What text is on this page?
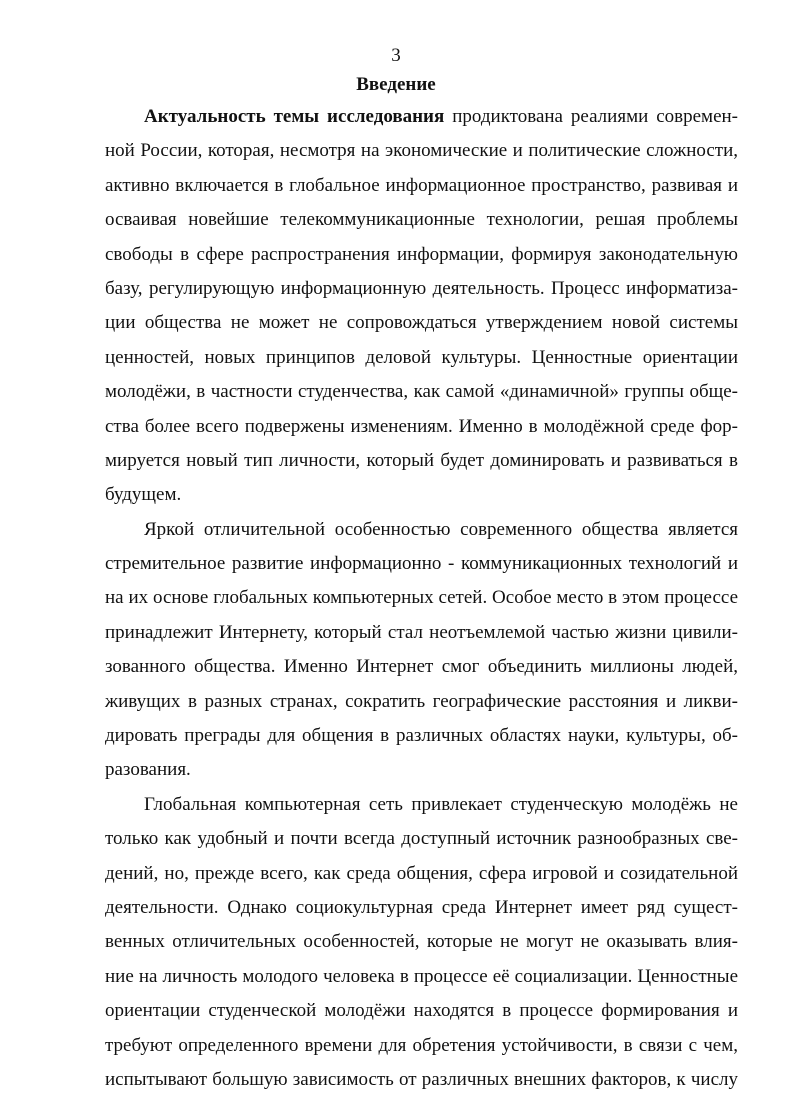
3
Введение
Актуальность темы исследования продиктована реалиями современ-
ной России, которая, несмотря на экономические и политические сложности,
активно включается в глобальное информационное пространство, развивая и
осваивая новейшие телекоммуникационные технологии, решая проблемы
свободы в сфере распространения информации, формируя законодательную
базу, регулирующую информационную деятельность. Процесс информатиза-
ции общества не может не сопровождаться утверждением новой системы
ценностей, новых принципов деловой культуры. Ценностные ориентации
молодёжи, в частности студенчества, как самой «динамичной» группы обще-
ства более всего подвержены изменениям. Именно в молодёжной среде фор-
мируется новый тип личности, который будет доминировать и развиваться в
будущем.
Яркой отличительной особенностью современного общества является
стремительное развитие информационно - коммуникационных технологий и
на их основе глобальных компьютерных сетей. Особое место в этом процессе
принадлежит Интернету, который стал неотъемлемой частью жизни цивили-
зованного общества. Именно Интернет смог объединить миллионы людей,
живущих в разных странах, сократить географические расстояния и ликви-
дировать преграды для общения в различных областях науки, культуры, об-
разования.
Глобальная компьютерная сеть привлекает студенческую молодёжь не
только как удобный и почти всегда доступный источник разнообразных све-
дений, но, прежде всего, как среда общения, сфера игровой и созидательной
деятельности. Однако социокультурная среда Интернет имеет ряд сущест-
венных отличительных особенностей, которые не могут не оказывать влия-
ние на личность молодого человека в процессе её социализации. Ценностные
ориентации студенческой молодёжи находятся в процессе формирования и
требуют определенного времени для обретения устойчивости, в связи с чем,
испытывают большую зависимость от различных внешних факторов, к числу
